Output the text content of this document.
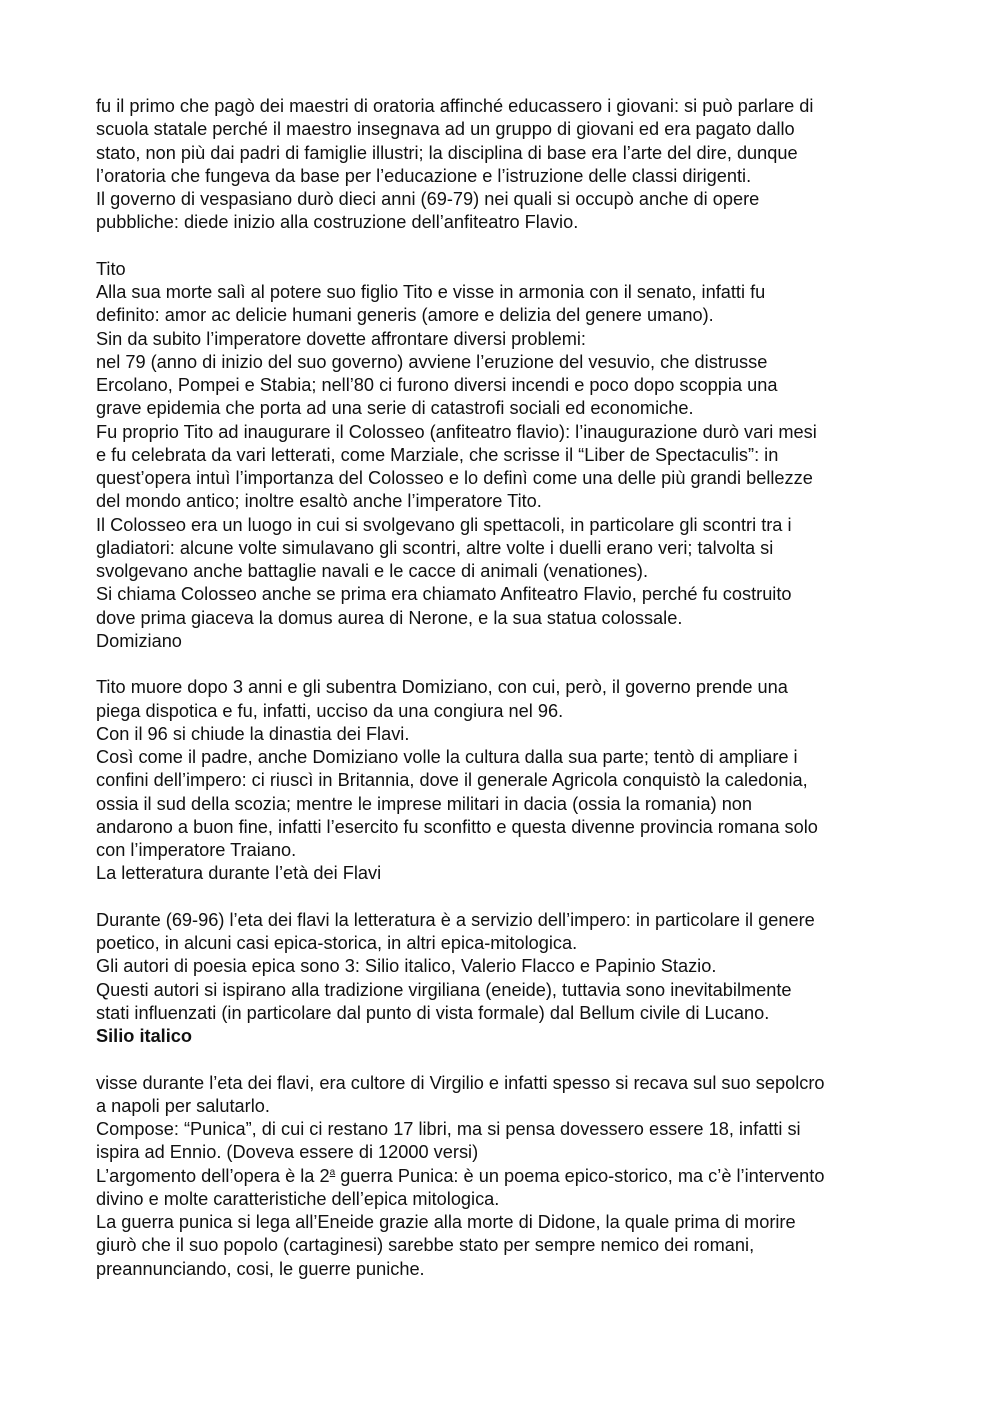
fu il primo che pagò dei maestri di oratoria affinché educassero i giovani: si può parlare di
scuola statale perché il maestro insegnava ad un gruppo di giovani ed era pagato dallo
stato, non più dai padri di famiglie illustri; la disciplina di base era l’arte del dire, dunque
l’oratoria che fungeva da base per l’educazione e l’istruzione delle classi dirigenti.
Il governo di vespasiano durò dieci anni (69-79) nei quali si occupò anche di opere
pubbliche: diede inizio alla costruzione dell’anfiteatro Flavio.
Tito
Alla sua morte salì al potere suo figlio Tito e visse in armonia con il senato, infatti fu
definito: amor ac delicie humani generis (amore e delizia del genere umano).
Sin da subito l’imperatore dovette affrontare diversi problemi:
nel 79 (anno di inizio del suo governo) avviene l’eruzione del vesuvio, che distrusse
Ercolano, Pompei e Stabia; nell’80 ci furono diversi incendi e poco dopo scoppia una
grave epidemia che porta ad una serie di catastrofi sociali ed economiche.
Fu proprio Tito ad inaugurare il Colosseo (anfiteatro flavio): l’inaugurazione durò vari mesi
e fu celebrata da vari letterati, come Marziale, che scrisse il “Liber de Spectaculis”: in
quest’opera intuì l’importanza del Colosseo e lo definì come una delle più grandi bellezze
del mondo antico; inoltre esaltò anche l’imperatore Tito.
Il Colosseo era un luogo in cui si svolgevano gli spettacoli, in particolare gli scontri tra i
gladiatori: alcune volte simulavano gli scontri, altre volte i duelli erano veri; talvolta si
svolgevano anche battaglie navali e le cacce di animali (venationes).
Si chiama Colosseo anche se prima era chiamato Anfiteatro Flavio, perché fu costruito
dove prima giaceva la domus aurea di Nerone, e la sua statua colossale.
Domiziano
Tito muore dopo 3 anni e gli subentra Domiziano, con cui, però, il governo prende una
piega dispotica e fu, infatti, ucciso da una congiura nel 96.
Con il 96 si chiude la dinastia dei Flavi.
Così come il padre, anche Domiziano volle la cultura dalla sua parte; tentò di ampliare i
confini dell’impero: ci riuscì in Britannia, dove il generale Agricola conquistò la caledonia,
ossia il sud della scozia; mentre le imprese militari in dacia (ossia la romania) non
andarono a buon fine, infatti l’esercito fu sconfitto e questa divenne provincia romana solo
con l’imperatore Traiano.
La letteratura durante l’età dei Flavi
Durante (69-96) l’eta dei flavi la letteratura è a servizio dell’impero: in particolare il genere
poetico, in alcuni casi epica-storica, in altri epica-mitologica.
Gli autori di poesia epica sono 3: Silio italico, Valerio Flacco e Papinio Stazio.
Questi autori si ispirano alla tradizione virgiliana (eneide), tuttavia sono inevitabilmente
stati influenzati (in particolare dal punto di vista formale) dal Bellum civile di Lucano.
Silio italico
visse durante l’eta dei flavi, era cultore di Virgilio e infatti spesso si recava sul suo sepolcro
a napoli per salutarlo.
Compose: “Punica”, di cui ci restano 17 libri, ma si pensa dovessero essere 18, infatti si
ispira ad Ennio. (Doveva essere di 12000 versi)
L’argomento dell’opera è la 2$^a$ guerra Punica: è un poema epico-storico, ma c’è l’intervento
divino e molte caratteristiche dell’epica mitologica.
La guerra punica si lega all’Eneide grazie alla morte di Didone, la quale prima di morire
giurò che il suo popolo (cartaginesi) sarebbe stato per sempre nemico dei romani,
preannunciando, cosi, le guerre puniche.
